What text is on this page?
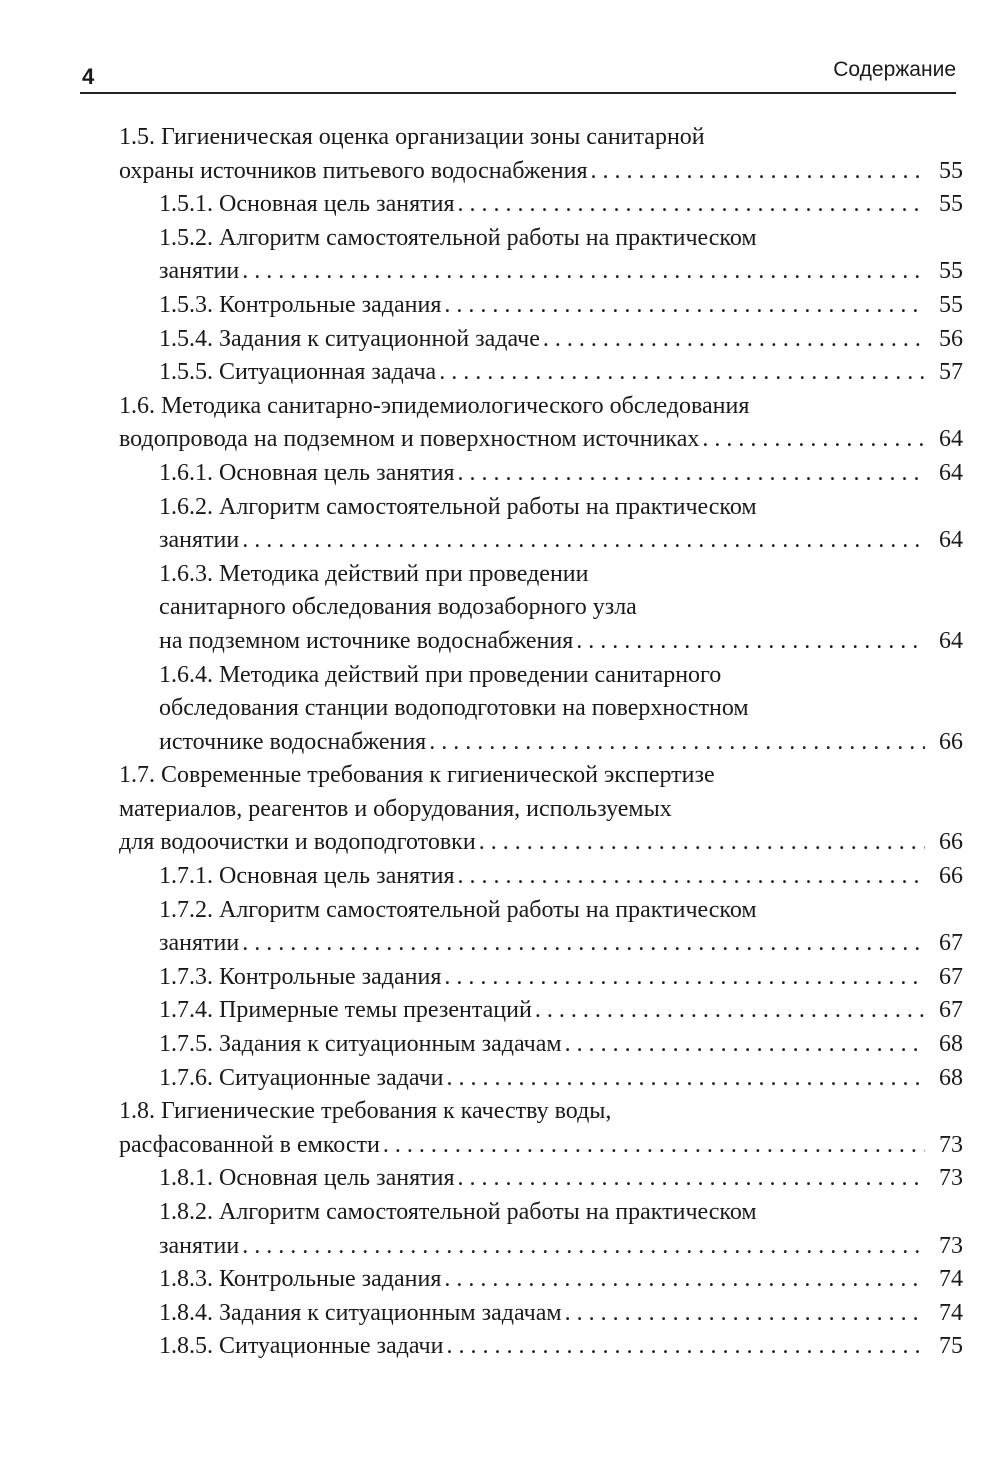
4	Содержание
1.5. Гигиеническая оценка организации зоны санитарной
охраны источников питьевого водоснабжения . . .	55
1.5.1. Основная цель занятия . . .	55
1.5.2. Алгоритм самостоятельной работы на практическом
занятии . . .	55
1.5.3. Контрольные задания . . .	55
1.5.4. Задания к ситуационной задаче . . .	56
1.5.5. Ситуационная задача . . .	57
1.6. Методика санитарно-эпидемиологического обследования
водопровода на подземном и поверхностном источниках . . .	64
1.6.1. Основная цель занятия . . .	64
1.6.2. Алгоритм самостоятельной работы на практическом
занятии . . .	64
1.6.3. Методика действий при проведении
санитарного обследования водозаборного узла
на подземном источнике водоснабжения . . .	64
1.6.4. Методика действий при проведении санитарного
обследования станции водоподготовки на поверхностном
источнике водоснабжения . . .	66
1.7. Современные требования к гигиенической экспертизе
материалов, реагентов и оборудования, используемых
для водоочистки и водоподготовки . . .	66
1.7.1. Основная цель занятия . . .	66
1.7.2. Алгоритм самостоятельной работы на практическом
занятии . . .	67
1.7.3. Контрольные задания . . .	67
1.7.4. Примерные темы презентаций . . .	67
1.7.5. Задания к ситуационным задачам . . .	68
1.7.6. Ситуационные задачи . . .	68
1.8. Гигиенические требования к качеству воды,
расфасованной в емкости . . .	73
1.8.1. Основная цель занятия . . .	73
1.8.2. Алгоритм самостоятельной работы на практическом
занятии . . .	73
1.8.3. Контрольные задания . . .	74
1.8.4. Задания к ситуационным задачам . . .	74
1.8.5. Ситуационные задачи . . .	75
